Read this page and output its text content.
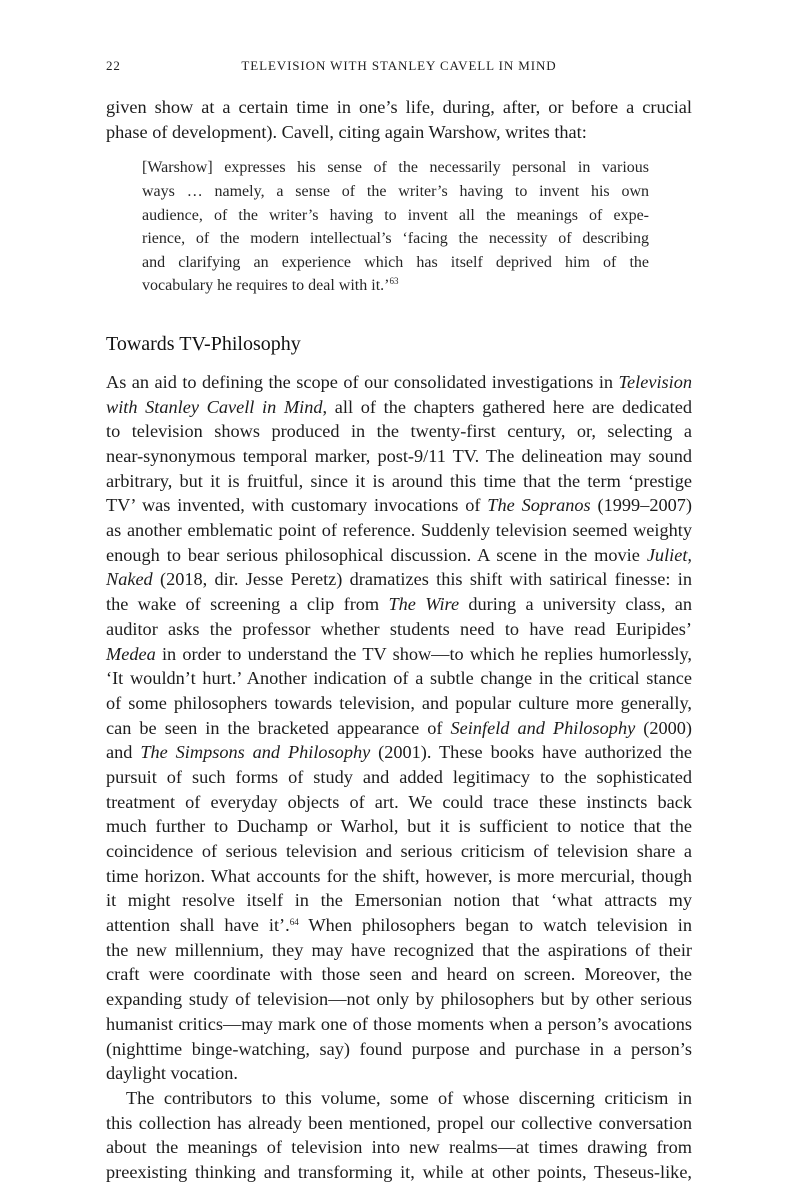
22	TELEVISION WITH STANLEY CAVELL IN MIND
given show at a certain time in one’s life, during, after, or before a crucial
phase of development). Cavell, citing again Warshow, writes that:
[Warshow] expresses his sense of the necessarily personal in various
ways … namely, a sense of the writer’s having to invent his own
audience, of the writer’s having to invent all the meanings of expe-
rience, of the modern intellectual’s ‘facing the necessity of describing
and clarifying an experience which has itself deprived him of the
vocabulary he requires to deal with it.’$^{63}$
Towards TV-Philosophy
As an aid to defining the scope of our consolidated investigations in Television
with Stanley Cavell in Mind, all of the chapters gathered here are dedicated
to television shows produced in the twenty-first century, or, selecting a
near-synonymous temporal marker, post-9/11 TV. The delineation may sound
arbitrary, but it is fruitful, since it is around this time that the term ‘prestige
TV’ was invented, with customary invocations of The Sopranos (1999–2007)
as another emblematic point of reference. Suddenly television seemed weighty
enough to bear serious philosophical discussion. A scene in the movie Juliet,
Naked (2018, dir. Jesse Peretz) dramatizes this shift with satirical finesse: in
the wake of screening a clip from The Wire during a university class, an
auditor asks the professor whether students need to have read Euripides’
Medea in order to understand the TV show—to which he replies humorlessly,
‘It wouldn’t hurt.’ Another indication of a subtle change in the critical stance
of some philosophers towards television, and popular culture more generally,
can be seen in the bracketed appearance of Seinfeld and Philosophy (2000)
and The Simpsons and Philosophy (2001). These books have authorized the
pursuit of such forms of study and added legitimacy to the sophisticated
treatment of everyday objects of art. We could trace these instincts back
much further to Duchamp or Warhol, but it is sufficient to notice that the
coincidence of serious television and serious criticism of television share a
time horizon. What accounts for the shift, however, is more mercurial, though
it might resolve itself in the Emersonian notion that ‘what attracts my
attention shall have it’.$^{64}$ When philosophers began to watch television in
the new millennium, they may have recognized that the aspirations of their
craft were coordinate with those seen and heard on screen. Moreover, the
expanding study of television—not only by philosophers but by other serious
humanist critics—may mark one of those moments when a person’s avocations
(nighttime binge-watching, say) found purpose and purchase in a person’s
daylight vocation.
The contributors to this volume, some of whose discerning criticism in
this collection has already been mentioned, propel our collective conversation
about the meanings of television into new realms—at times drawing from
preexisting thinking and transforming it, while at other points, Theseus-like,
